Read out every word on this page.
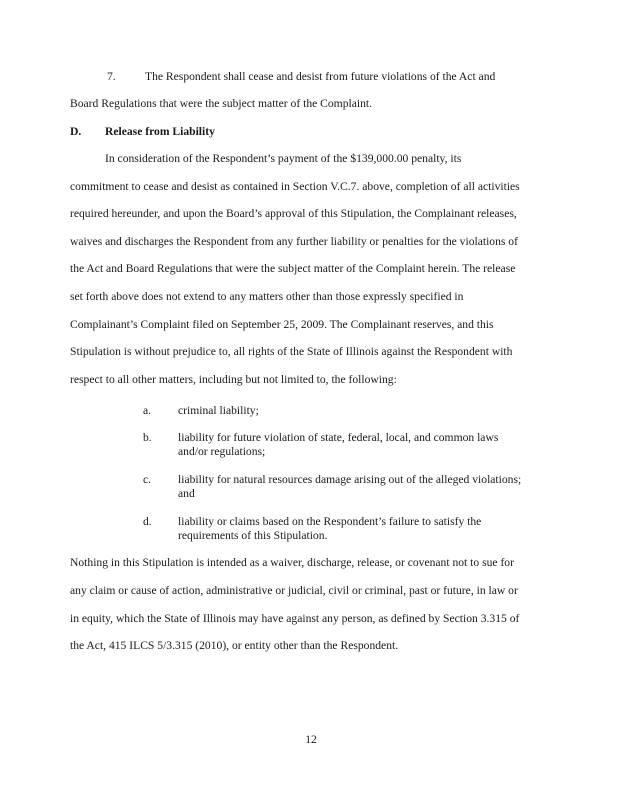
7.	The Respondent shall cease and desist from future violations of the Act and
Board Regulations that were the subject matter of the Complaint.
D. Release from Liability
In consideration of the Respondent’s payment of the $139,000.00 penalty, its
commitment to cease and desist as contained in Section V.C.7. above, completion of all activities
required hereunder, and upon the Board’s approval of this Stipulation, the Complainant releases,
waives and discharges the Respondent from any further liability or penalties for the violations of
the Act and Board Regulations that were the subject matter of the Complaint herein. The release
set forth above does not extend to any matters other than those expressly specified in
Complainant’s Complaint filed on September 25, 2009. The Complainant reserves, and this
Stipulation is without prejudice to, all rights of the State of Illinois against the Respondent with
respect to all other matters, including but not limited to, the following:
a. criminal liability;
b. liability for future violation of state, federal, local, and common laws
and/or regulations;
c. liability for natural resources damage arising out of the alleged violations;
and
d. liability or claims based on the Respondent’s failure to satisfy the
requirements of this Stipulation.
Nothing in this Stipulation is intended as a waiver, discharge, release, or covenant not to sue for
any claim or cause of action, administrative or judicial, civil or criminal, past or future, in law or
in equity, which the State of Illinois may have against any person, as defined by Section 3.315 of
the Act, 415 ILCS 5/3.315 (2010), or entity other than the Respondent.
12
